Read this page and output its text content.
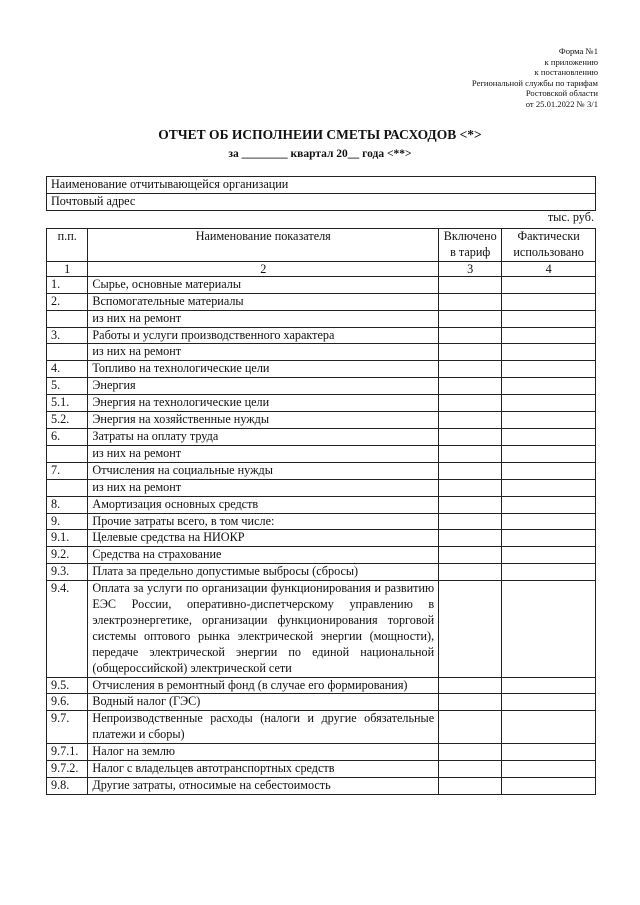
Форма №1
к приложению
к постановлению
Региональной службы по тарифам
Ростовской области
от 25.01.2022 № 3/1
ОТЧЕТ ОБ ИСПОЛНЕИИ СМЕТЫ РАСХОДОВ <*>
за ________ квартал 20__ года <**>
Наименование отчитывающейся организации
Почтовый адрес
тыс. руб.
п.п.	Наименование показателя	Включено в тариф	Фактически использовано
1	2	3	4
1.	Сырье, основные материалы		
2.	Вспомогательные материалы		
	из них на ремонт		
3.	Работы и услуги производственного характера		
	из них на ремонт		
4.	Топливо на технологические цели		
5.	Энергия		
5.1.	Энергия на технологические цели		
5.2.	Энергия на хозяйственные нужды		
6.	Затраты на оплату труда		
	из них на ремонт		
7.	Отчисления на социальные нужды		
	из них на ремонт		
8.	Амортизация основных средств		
9.	Прочие затраты всего, в том числе:		
9.1.	Целевые средства на НИОКР		
9.2.	Средства на страхование		
9.3.	Плата за предельно допустимые выбросы (сбросы)		
9.4.	Оплата за услуги по организации функционирования и развитию ЕЭС России, оперативно-диспетчерскому управлению в электроэнергетике, организации функционирования торговой системы оптового рынка электрической энергии (мощности), передаче электрической энергии по единой национальной (общероссийской) электрической сети		
9.5.	Отчисления в ремонтный фонд (в случае его формирования)		
9.6.	Водный налог (ГЭС)		
9.7.	Непроизводственные расходы (налоги и другие обязательные платежи и сборы)		
9.7.1.	Налог на землю		
9.7.2.	Налог с владельцев автотранспортных средств		
9.8.	Другие затраты, относимые на себестоимость		
